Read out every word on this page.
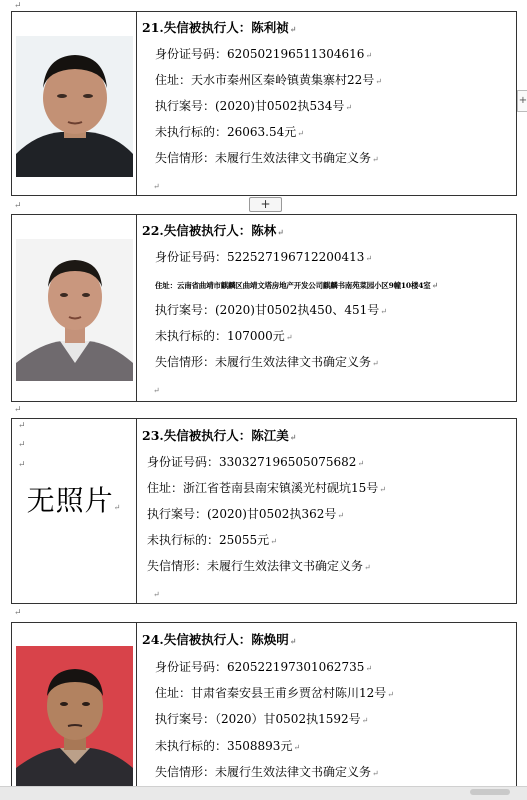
↵
↵
↵
↵
+
21.失信被执行人：陈利祯↵
身份证号码：620502196511304616↵
住址：天水市秦州区秦岭镇黄集寨村22号↵
执行案号：(2020)甘0502执534号↵
未执行标的：26063.54元↵
失信情形：未履行生效法律文书确定义务↵
↵
+
22.失信被执行人：陈林↵
身份证号码：522527196712200413↵
住址：云南省曲靖市麒麟区曲靖文塔房地产开发公司麒麟书南苑菜园小区9幢10楼4室↵
执行案号：(2020)甘0502执450、451号↵
未执行标的：107000元↵
失信情形：未履行生效法律文书确定义务↵
↵
↵
↵
↵
无照片↵
23.失信被执行人：陈江美↵
身份证号码：330327196505075682↵
住址：浙江省苍南县南宋镇溪光村砚坑15号↵
执行案号：(2020)甘0502执362号↵
未执行标的：25055元↵
失信情形：未履行生效法律文书确定义务↵
↵
24.失信被执行人：陈焕明↵
身份证号码：620522197301062735↵
住址：甘肃省秦安县王甫乡贾岔村陈川12号↵
执行案号：（2020）甘0502执1592号↵
未执行标的：3508893元↵
失信情形：未履行生效法律文书确定义务↵
